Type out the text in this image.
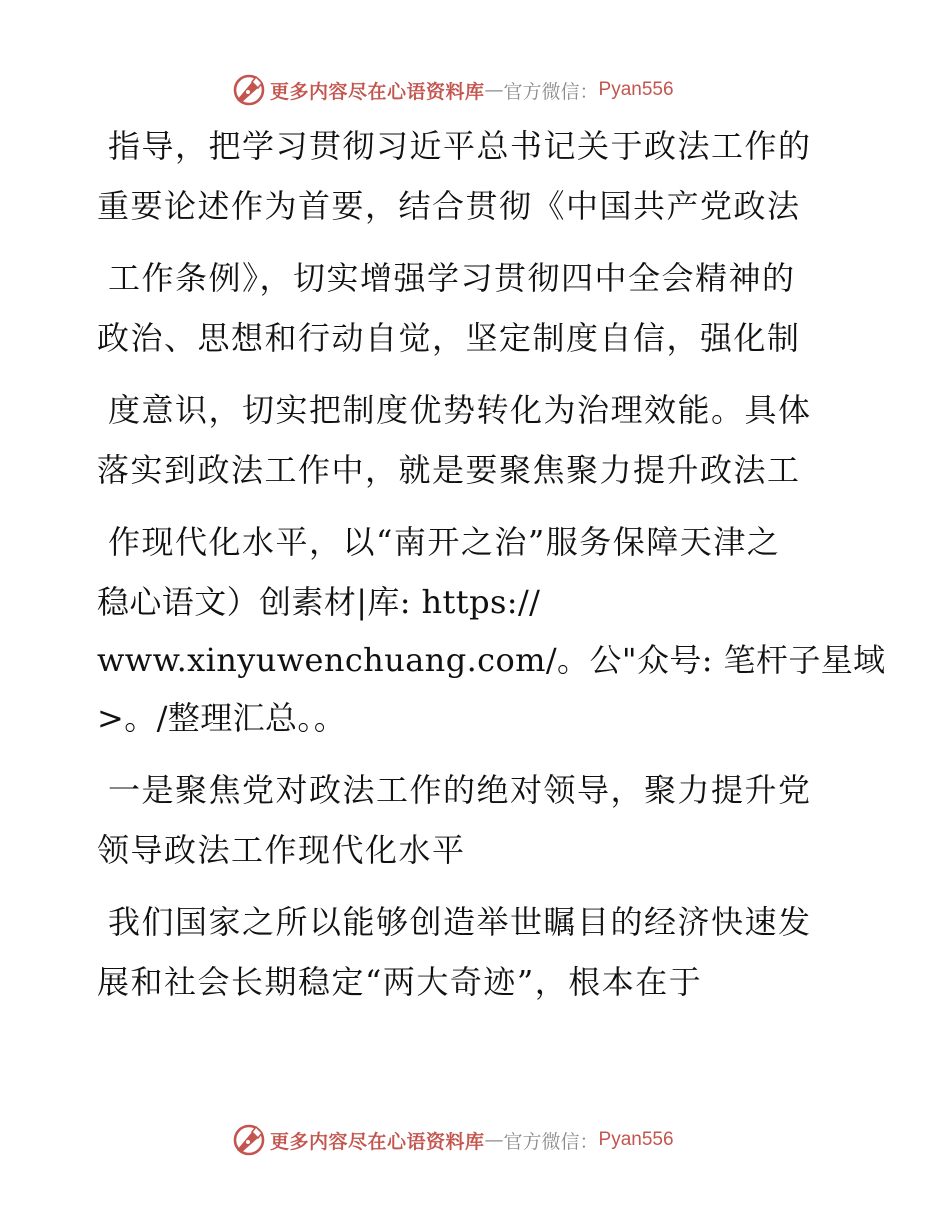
更多内容尽在心语资料库 — 官方微信： Pyan556
指导，把学习贯彻习近平总书记关于政法工作的
重要论述作为首要，结合贯彻《中国共产党政法
工作条例》，切实增强学习贯彻四中全会精神的
政治、思想和行动自觉，坚定制度自信，强化制
度意识，切实把制度优势转化为治理效能。具体
落实到政法工作中，就是要聚焦聚力提升政法工
作现代化水平，以“南开之治”服务保障天津之
稳心语文）创素材|库: https://
www.xinyuwenchuang.com/。公"众号: 笔杆子星域
>。/整理汇总。。
一是聚焦党对政法工作的绝对领导，聚力提升党
领导政法工作现代化水平
我们国家之所以能够创造举世瞩目的经济快速发
展和社会长期稳定“两大奇迹”，根本在于
更多内容尽在心语资料库 — 官方微信： Pyan556
